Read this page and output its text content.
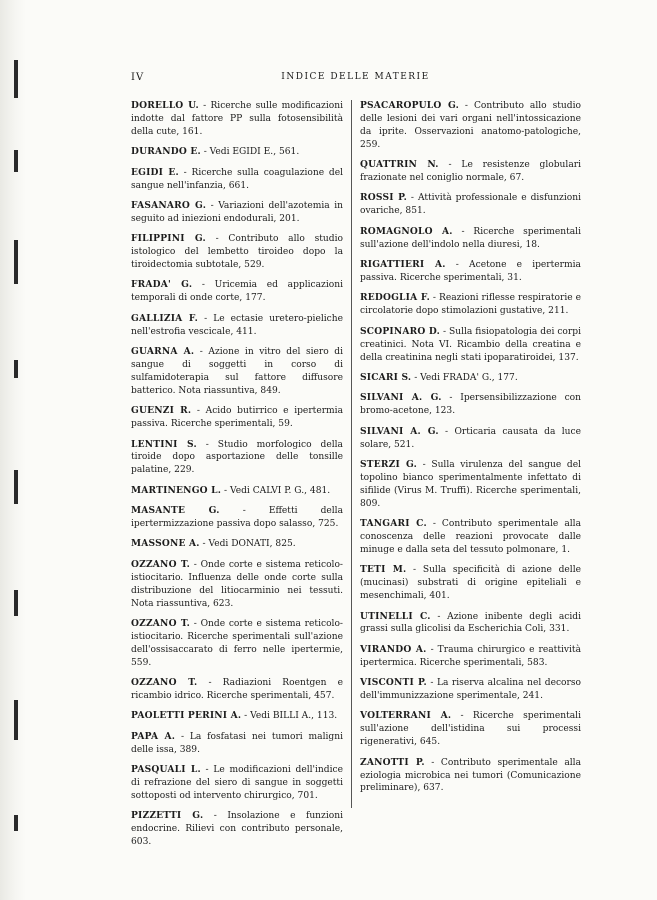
IV	INDICE DELLE MATERIE

DORELLO U. - Ricerche sulle modificazioni indotte dal fattore PP sulla fotosensibilità della cute, 161.

DURANDO E. - Vedi EGIDI E., 561.

EGIDI E. - Ricerche sulla coagulazione del sangue nell'infanzia, 661.

FASANARO G. - Variazioni dell'azotemia in seguito ad iniezioni endodurali, 201.

FILIPPINI G. - Contributo allo studio istologico del lembetto tiroideo dopo la tiroidectomia subtotale, 529.

FRADA' G. - Uricemia ed applicazioni temporali di onde corte, 177.

GALLIZIA F. - Le ectasie uretero-pieliche nell'estrofia vescicale, 411.

GUARNA A. - Azione in vitro del siero di sangue di soggetti in corso di sulfamidoterapia sul fattore diffusore batterico. Nota riassuntiva, 849.

GUENZI R. - Acido butirrico e ipertermia passiva. Ricerche sperimentali, 59.

LENTINI S. - Studio morfologico della tiroide dopo asportazione delle tonsille palatine, 229.

MARTINENGO L. - Vedi CALVI P. G., 481.

MASANTE G. - Effetti della ipertermizzazione passiva dopo salasso, 725.

MASSONE A. - Vedi DONATI, 825.

OZZANO T. - Onde corte e sistema reticolo-istiocitario. Influenza delle onde corte sulla distribuzione del litiocarminio nei tessuti. Nota riassuntiva, 623.

OZZANO T. - Onde corte e sistema reticolo-istiocitario. Ricerche sperimentali sull'azione dell'ossisaccarato di ferro nelle ipertermie, 559.

OZZANO T. - Radiazioni Roentgen e ricambio idrico. Ricerche sperimentali, 457.

PAOLETTI PERINI A. - Vedi BILLI A., 113.

PAPA A. - La fosfatasi nei tumori maligni delle issa, 389.

PASQUALI L. - Le modificazioni dell'indice di refrazione del siero di sangue in soggetti sottoposti od intervento chirurgico, 701.

PIZZETTI G. - Insolazione e funzioni endocrine. Rilievi con contributo personale, 603.

PSACAROPULO G. - Contributo allo studio delle lesioni dei vari organi nell'intossicazione da iprite. Osservazioni anatomo-patologiche, 259.

QUATTRIN N. - Le resistenze globulari frazionate nel coniglio normale, 67.

ROSSI P. - Attività professionale e disfunzioni ovariche, 851.

ROMAGNOLO A. - Ricerche sperimentali sull'azione dell'indolo nella diuresi, 18.

RIGATTIERI A. - Acetone e ipertermia passiva. Ricerche sperimentali, 31.

REDOGLIA F. - Reazioni riflesse respiratorie e circolatorie dopo stimolazioni gustative, 211.

SCOPINARO D. - Sulla fisiopatologia dei corpi creatinici. Nota VI. Ricambio della creatina e della creatinina negli stati ipoparatiroidei, 137.

SICARI S. - Vedi FRADA' G., 177.

SILVANI A. G. - Ipersensibilizzazione con bromo-acetone, 123.

SILVANI A. G. - Orticaria causata da luce solare, 521.

STERZI G. - Sulla virulenza del sangue del topolino bianco sperimentalmente infettato di sifilide (Virus M. Truffi). Ricerche sperimentali, 809.

TANGARI C. - Contributo sperimentale alla conoscenza delle reazioni provocate dalle minuge e dalla seta del tessuto polmonare, 1.

TETI M. - Sulla specificità di azione delle (mucinasi) substrati di origine epiteliali e mesenchimali, 401.

UTINELLI C. - Azione inibente degli acidi grassi sulla glicolisi da Escherichia Coli, 331.

VIRANDO A. - Trauma chirurgico e reattività ipertermica. Ricerche sperimentali, 583.

VISCONTI P. - La riserva alcalina nel decorso dell'immunizzazione sperimentale, 241.

VOLTERRANI A. - Ricerche sperimentali sull'azione dell'istidina sui processi rigenerativi, 645.

ZANOTTI P. - Contributo sperimentale alla eziologia microbica nei tumori (Comunicazione preliminare), 637.
